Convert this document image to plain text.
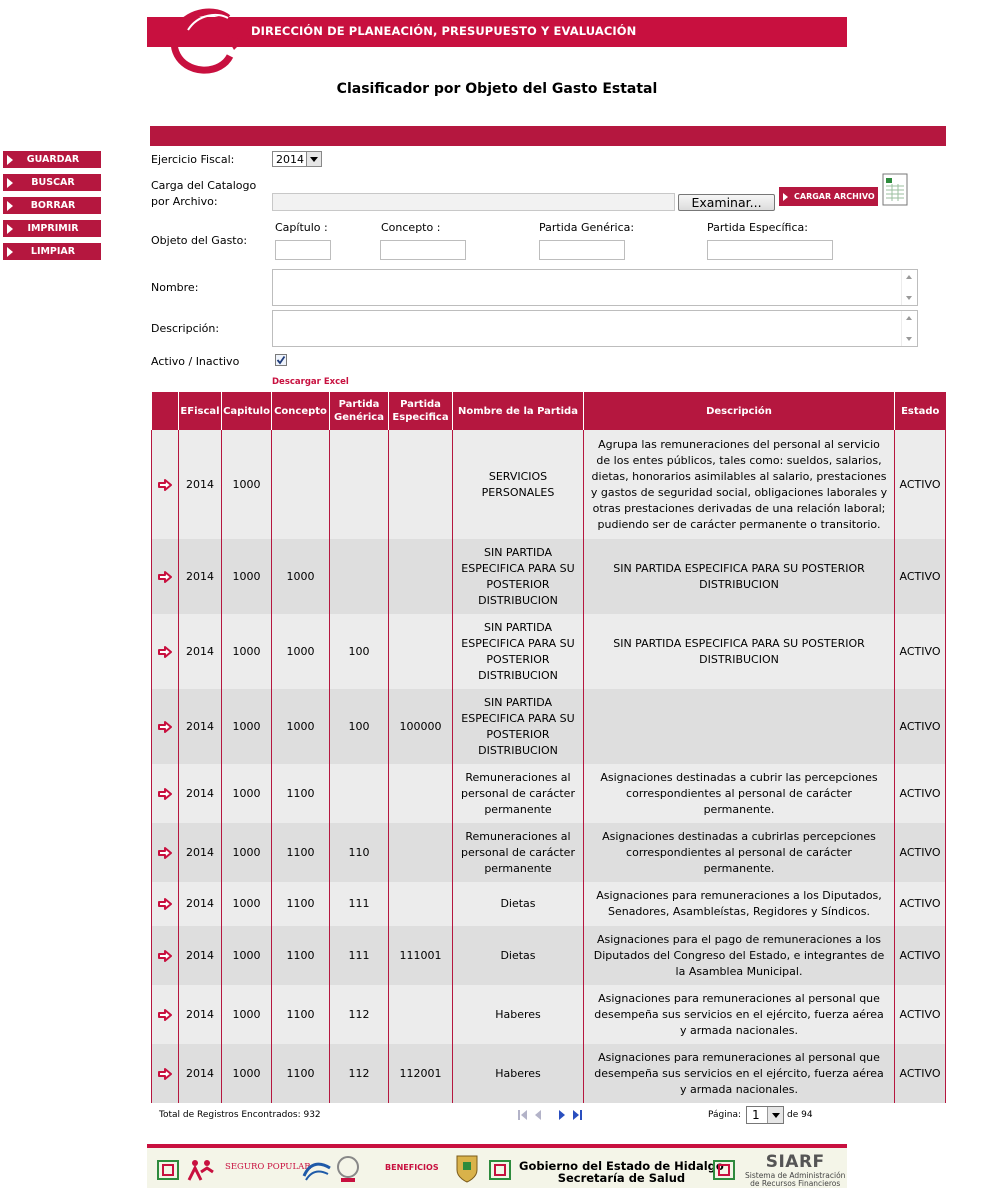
DIRECCIÓN DE PLANEACIÓN, PRESUPUESTO Y EVALUACIÓN
Clasificador por Objeto del Gasto Estatal
GUARDAR
BUSCAR
BORRAR
IMPRIMIR
LIMPIAR
Ejercicio Fiscal:	2014
Carga del Catalogo
por Archivo:	Examinar...	CARGAR ARCHIVO
Objeto del Gasto:
Capítulo :	Concepto :	Partida Genérica:	Partida Específica:
Nombre:
Descripción:
Activo / Inactivo
Descargar Excel
	EFiscal	Capitulo	Concepto	Partida Genérica	Partida Especifica	Nombre de la Partida	Descripción	Estado
	2014	1000				SERVICIOS PERSONALES	Agrupa las remuneraciones del personal al servicio de los entes públicos, tales como: sueldos, salarios, dietas, honorarios asimilables al salario, prestaciones y gastos de seguridad social, obligaciones laborales y otras prestaciones derivadas de una relación laboral; pudiendo ser de carácter permanente o transitorio.	ACTIVO
	2014	1000	1000			SIN PARTIDA ESPECIFICA PARA SU POSTERIOR DISTRIBUCION	SIN PARTIDA ESPECIFICA PARA SU POSTERIOR DISTRIBUCION	ACTIVO
	2014	1000	1000	100		SIN PARTIDA ESPECIFICA PARA SU POSTERIOR DISTRIBUCION	SIN PARTIDA ESPECIFICA PARA SU POSTERIOR DISTRIBUCION	ACTIVO
	2014	1000	1000	100	100000	SIN PARTIDA ESPECIFICA PARA SU POSTERIOR DISTRIBUCION		ACTIVO
	2014	1000	1100			Remuneraciones al personal de carácter permanente	Asignaciones destinadas a cubrir las percepciones correspondientes al personal de carácter permanente.	ACTIVO
	2014	1000	1100	110		Remuneraciones al personal de carácter permanente	Asignaciones destinadas a cubrirlas percepciones correspondientes al personal de carácter permanente.	ACTIVO
	2014	1000	1100	111		Dietas	Asignaciones para remuneraciones a los Diputados, Senadores, Asambleístas, Regidores y Síndicos.	ACTIVO
	2014	1000	1100	111	111001	Dietas	Asignaciones para el pago de remuneraciones a los Diputados del Congreso del Estado, e integrantes de la Asamblea Municipal.	ACTIVO
	2014	1000	1100	112		Haberes	Asignaciones para remuneraciones al personal que desempeña sus servicios en el ejército, fuerza aérea y armada nacionales.	ACTIVO
	2014	1000	1100	112	112001	Haberes	Asignaciones para remuneraciones al personal que desempeña sus servicios en el ejército, fuerza aérea y armada nacionales.	ACTIVO
Total de Registros Encontrados: 932	Página: 1	de 94
SEGURO POPULAR	BENEFICIOS	Gobierno del Estado de Hidalgo
Secretaría de Salud
SIARF
Sistema de Administración
de Recursos Financieros
